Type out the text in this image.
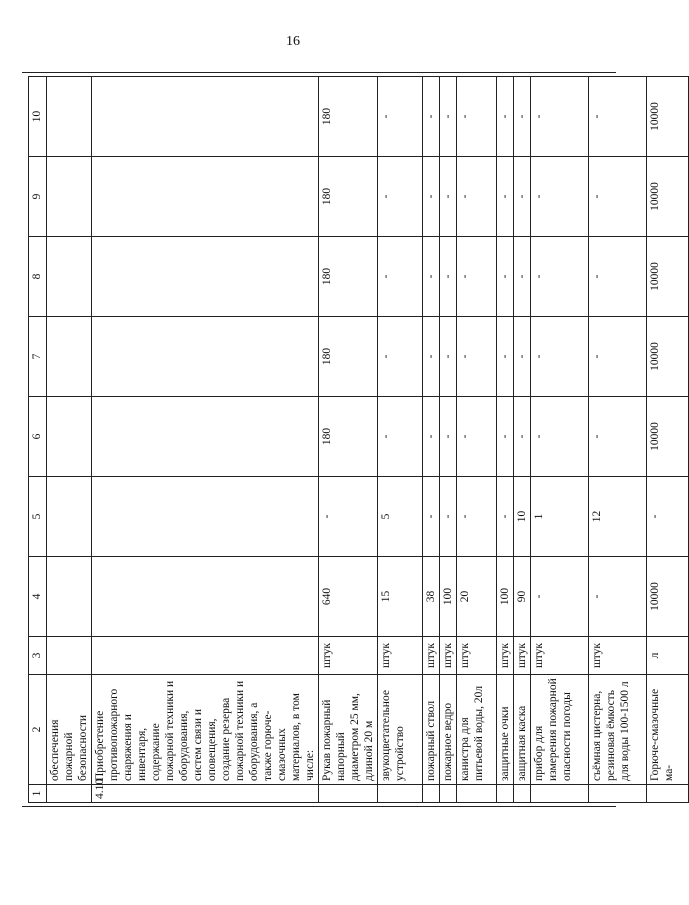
16
1	2	3	4	5	6	7	8	9	10
	обеспечения пожарной безопасности								
4.10	Приобретение противопожарного снаряжения и инвентаря, содержание пожарной техники и оборудования, систем связи и оповещения, создание резерва пожарной техники и оборудования, а также горюче-смазочных материалов, в том числе:								
	Рукав пожарный напорный диаметром 25 мм, длиной 20 м	штук	640	-	180	180	180	180	180
	звукоцветательное устройство	штук	15	5	-	-	-	-	-
	пожарный ствол	штук	38	-	-	-	-	-	-
	пожарное ведро	штук	100	-	-	-	-	-	-
	канистра для питьевой воды, 20л	штук	20	-	-	-	-	-	-
	защитные очки	штук	100	-	-	-	-	-	-
	защитная каска	штук	90	10	-	-	-	-	-
	прибор для измерения пожарной опасности погоды	штук	-	1	-	-	-	-	-
	съёмная цистерна, резиновая ёмкость для воды 100-1500 л	штук	-	12	-	-	-	-	-
	Горюче-смазочные ма-	л	10000	-	10000	10000	10000	10000	10000
